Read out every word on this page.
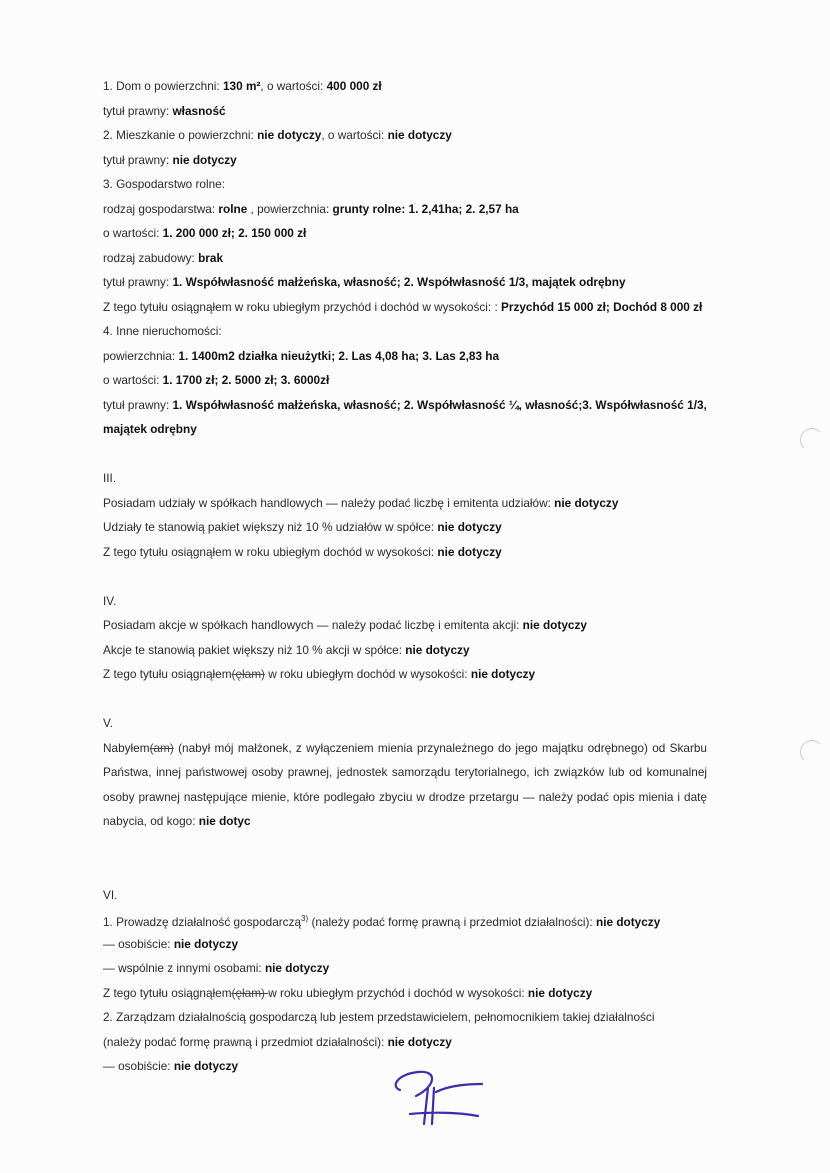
1. Dom o powierzchni: 130 m², o wartości: 400 000 zł
tytuł prawny: własność
2. Mieszkanie o powierzchni: nie dotyczy, o wartości: nie dotyczy
tytuł prawny: nie dotyczy
3. Gospodarstwo rolne:
rodzaj gospodarstwa: rolne , powierzchnia: grunty rolne: 1. 2,41ha; 2. 2,57 ha
o wartości: 1. 200 000 zł; 2. 150 000 zł
rodzaj zabudowy: brak
tytuł prawny: 1. Współwłasność małżeńska, własność; 2. Współwłasność 1/3, majątek odrębny
Z tego tytułu osiągnąłem w roku ubiegłym przychód i dochód w wysokości: : Przychód 15 000 zł; Dochód 8 000 zł
4. Inne nieruchomości:
powierzchnia: 1. 1400m2 działka nieużytki; 2. Las 4,08 ha; 3. Las 2,83 ha
o wartości: 1. 1700 zł; 2. 5000 zł; 3. 6000zł
tytuł prawny: 1. Współwłasność małżeńska, własność; 2. Współwłasność ¼, własność;3. Współwłasność 1/3,
majątek odrębny
III.
Posiadam udziały w spółkach handlowych — należy podać liczbę i emitenta udziałów: nie dotyczy
Udziały te stanowią pakiet większy niż 10 % udziałów w spółce: nie dotyczy
Z tego tytułu osiągnąłem w roku ubiegłym dochód w wysokości: nie dotyczy
IV.
Posiadam akcje w spółkach handlowych — należy podać liczbę i emitenta akcji: nie dotyczy
Akcje te stanowią pakiet większy niż 10 % akcji w spółce: nie dotyczy
Z tego tytułu osiągnąłem(ęłam) w roku ubiegłym dochód w wysokości: nie dotyczy
V.
Nabyłem(am) (nabył mój małżonek, z wyłączeniem mienia przynależnego do jego majątku odrębnego) od Skarbu Państwa, innej państwowej osoby prawnej, jednostek samorządu terytorialnego, ich związków lub od komunalnej osoby prawnej następujące mienie, które podlegało zbyciu w drodze przetargu — należy podać opis mienia i datę nabycia, od kogo: nie dotyc
VI.
1. Prowadzę działalność gospodarczą$^{3)}$ (należy podać formę prawną i przedmiot działalności): nie dotyczy
— osobiście: nie dotyczy
— wspólnie z innymi osobami: nie dotyczy
Z tego tytułu osiągnąłem(ęłam) w roku ubiegłym przychód i dochód w wysokości: nie dotyczy
2. Zarządzam działalnością gospodarczą lub jestem przedstawicielem, pełnomocnikiem takiej działalności
(należy podać formę prawną i przedmiot działalności): nie dotyczy
— osobiście: nie dotyczy
